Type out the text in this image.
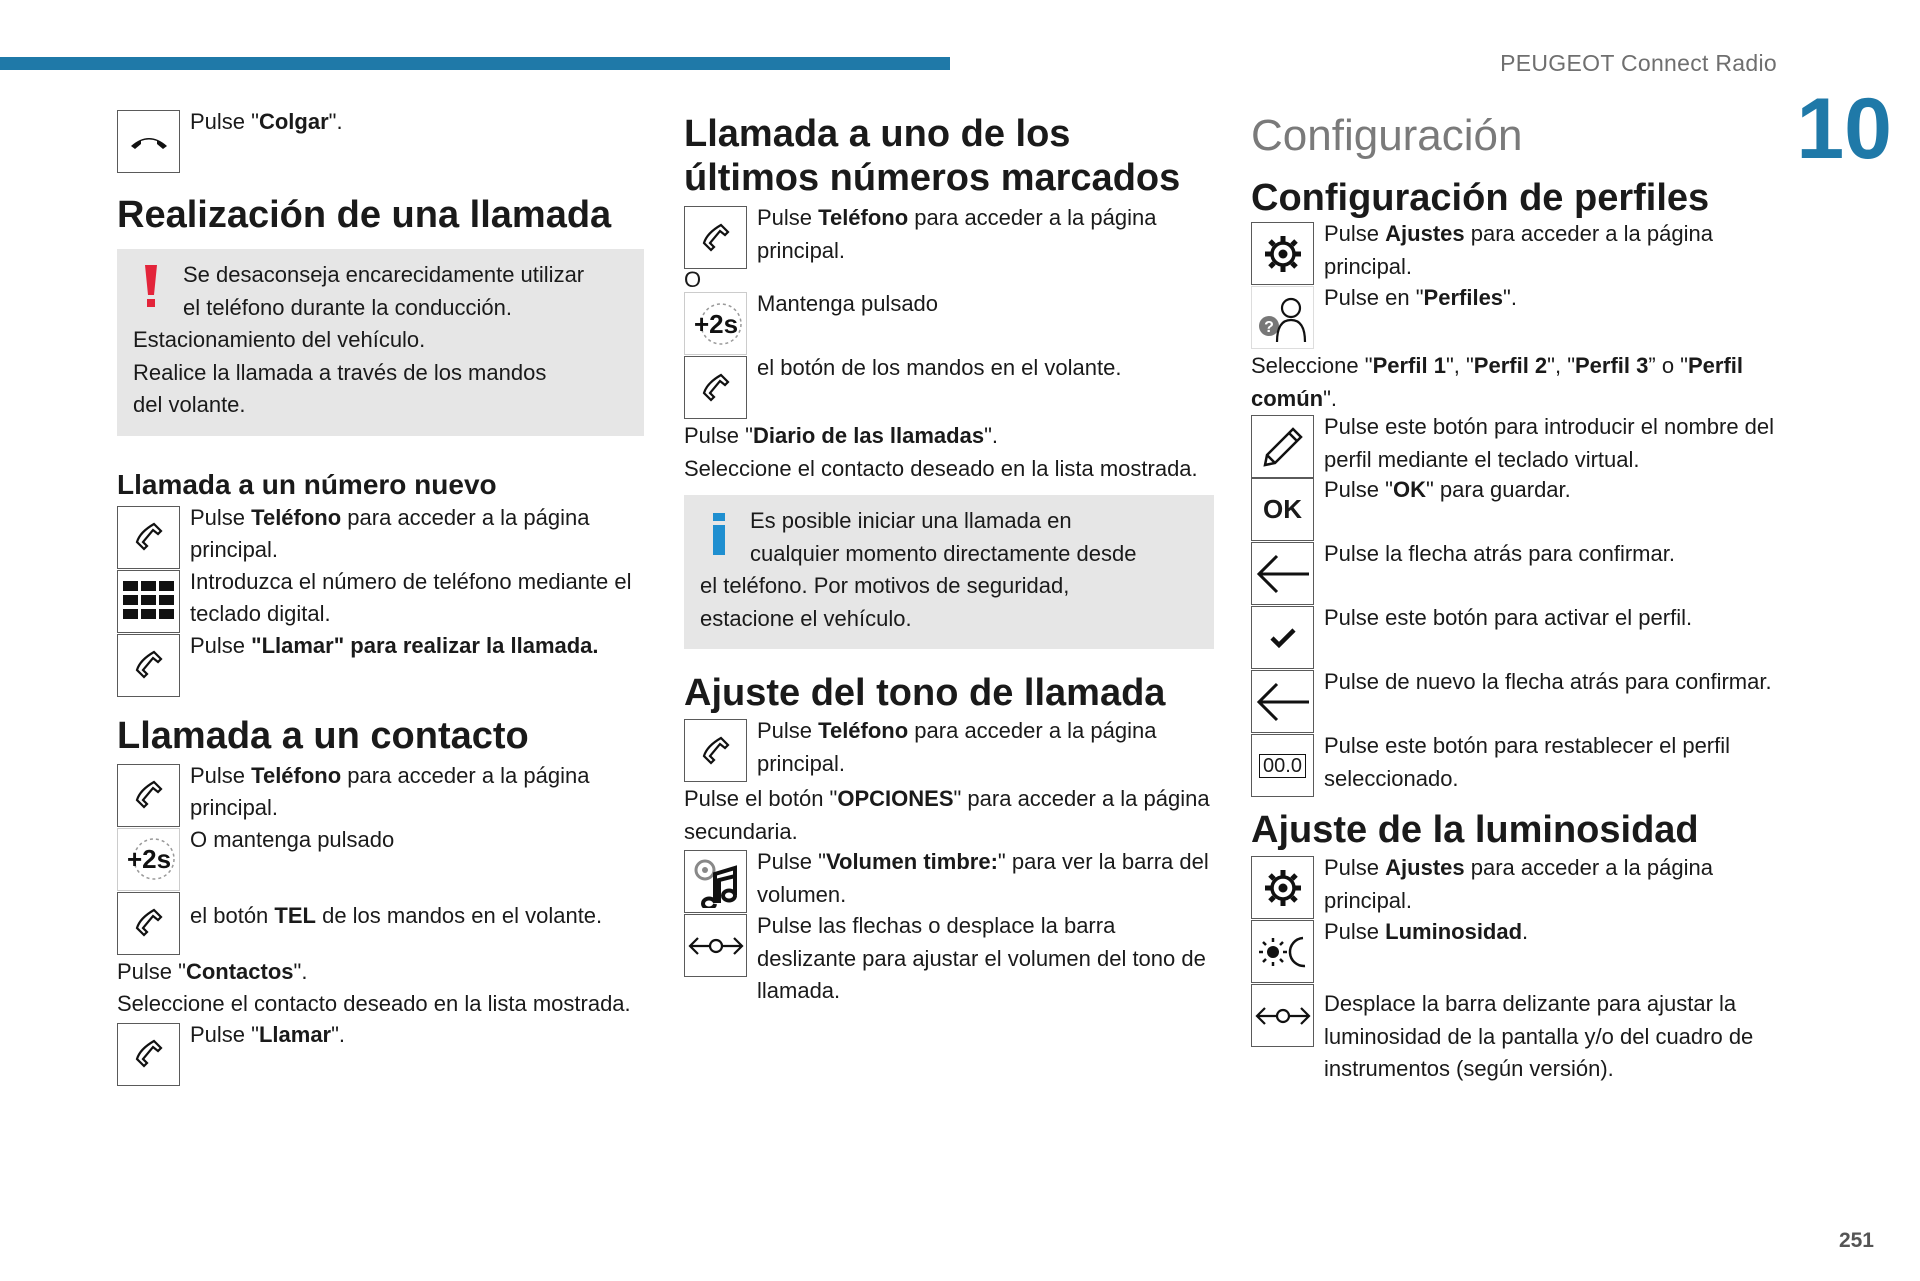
PEUGEOT Connect Radio
10
251
Pulse "Colgar".
Realización de una llamada
Se desaconseja encarecidamente utilizar
el teléfono durante la conducción.
Estacionamiento del vehículo.
Realice la llamada a través de los mandos
del volante.
Llamada a un número nuevo
Pulse Teléfono para acceder a la página principal.
Introduzca el número de teléfono mediante el teclado digital.
Pulse "Llamar" para realizar la llamada.
Llamada a un contacto
Pulse Teléfono para acceder a la página principal.
+2s
O mantenga pulsado
el botón TEL de los mandos en el volante.
Pulse "Contactos".
Seleccione el contacto deseado en la lista mostrada.
Pulse "Llamar".
Llamada a uno de los últimos números marcados
Pulse Teléfono para acceder a la página principal.
O
+2s
Mantenga pulsado
el botón de los mandos en el volante.
Pulse "Diario de las llamadas".
Seleccione el contacto deseado en la lista mostrada.
Es posible iniciar una llamada en
cualquier momento directamente desde
el teléfono. Por motivos de seguridad,
estacione el vehículo.
Ajuste del tono de llamada
Pulse Teléfono para acceder a la página principal.
Pulse el botón "OPCIONES" para acceder a la página secundaria.
Pulse "Volumen timbre:" para ver la barra del volumen.
Pulse las flechas o desplace la barra deslizante para ajustar el volumen del tono de llamada.
Configuración
Configuración de perfiles
Pulse Ajustes para acceder a la página principal.
?
Pulse en "Perfiles".
Seleccione "Perfil 1", "Perfil 2", "Perfil 3” o "Perfil común".
Pulse este botón para introducir el nombre del perfil mediante el teclado virtual.
OK
Pulse "OK" para guardar.
Pulse la flecha atrás para confirmar.
Pulse este botón para activar el perfil.
Pulse de nuevo la flecha atrás para confirmar.
00.0
Pulse este botón para restablecer el perfil seleccionado.
Ajuste de la luminosidad
Pulse Ajustes para acceder a la página principal.
Pulse Luminosidad.
Desplace la barra delizante para ajustar la luminosidad de la pantalla y/o del cuadro de instrumentos (según versión).
